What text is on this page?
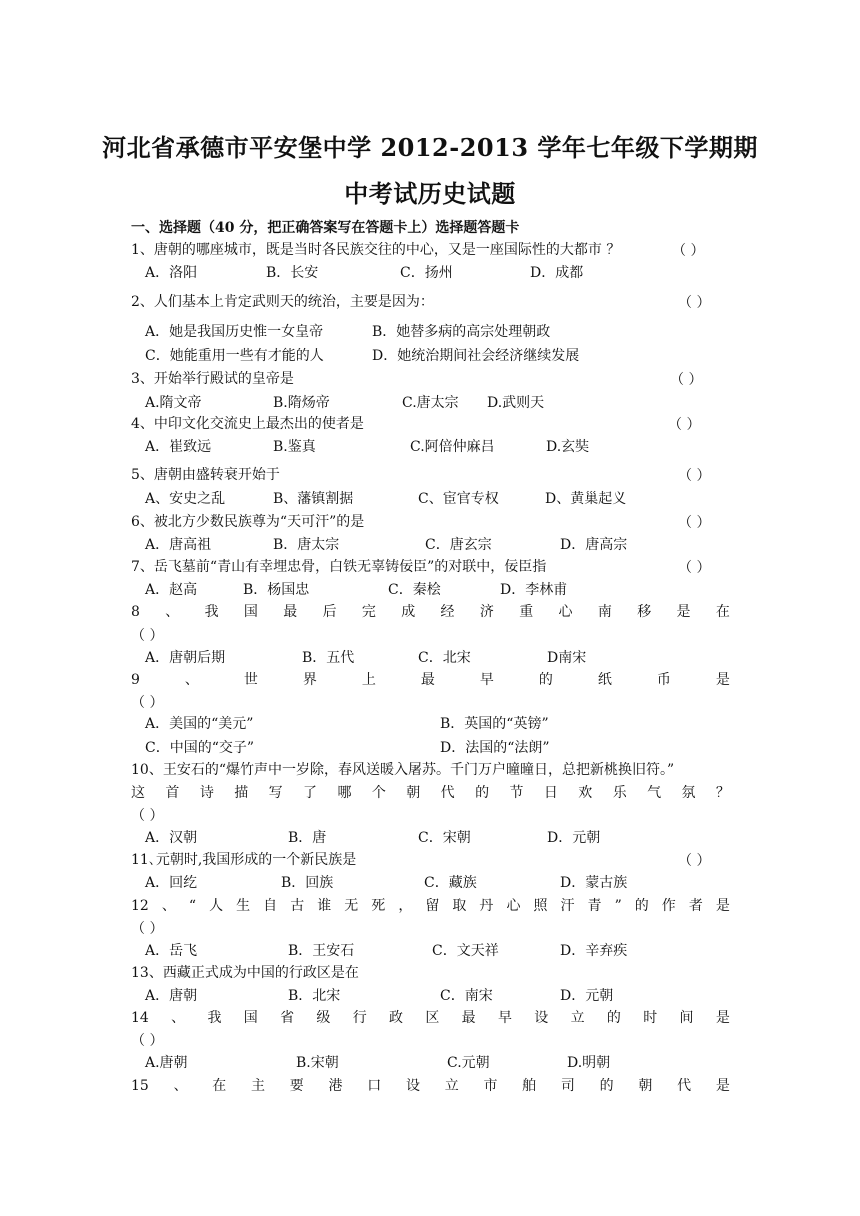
河北省承德市平安堡中学 2012-2013 学年七年级下学期期
中考试历史试题
一、选择题（40 分，把正确答案写在答题卡上）选择题答题卡
1、唐朝的哪座城市，既是当时各民族交往的中心，又是一座国际性的大都市 ？	（ ）
A．洛阳	B．长安	C．扬州	D．成都
2、人们基本上肯定武则天的统治，主要是因为：	（ ）
A．她是我国历史惟一女皇帝	B．她替多病的高宗处理朝政
C．她能重用一些有才能的人	D．她统治期间社会经济继续发展
3、开始举行殿试的皇帝是	（ ）
A.隋文帝	B.隋炀帝	C.唐太宗 D.武则天
4、中印文化交流史上最杰出的使者是	（ ）
A．崔致远	B.鉴真	C.阿倍仲麻吕	D.玄奘
5、唐朝由盛转衰开始于	（ ）
A、安史之乱	B、藩镇割据	C、宦官专权	D、黄巢起义
6、被北方少数民族尊为“天可汗”的是	（ ）
A．唐高祖	B．唐太宗	C．唐玄宗	D．唐高宗
7、岳飞墓前“青山有幸埋忠骨，白铁无辜铸佞臣”的对联中，佞臣指	（ ）
A．赵高	B．杨国忠	C．秦桧	D．李林甫
8 、 我 国 最 后 完 成 经 济 重 心 南 移 是 在
（ ）
A．唐朝后期	B．五代	C．北宋	D南宋
9	、	世	界	上	最	早	的	纸	币	是
（ ）
A．美国的“美元”	B．英国的“英镑”
C．中国的“交子”	D．法国的“法朗”
10、王安石的“爆竹声中一岁除，春风送暖入屠苏。千门万户曈曈日，总把新桃换旧符。”
这 首 诗 描 写 了 哪 个 朝 代 的 节 日 欢 乐 气 氛 ？
（ ）
A．汉朝	B．唐	C．宋朝	D．元朝
11､元朝时,我国形成的一个新民族是	（ ）
A．回纥	B．回族	C．藏族	D．蒙古族
12 、 “ 人 生 自 古 谁 无 死 ， 留 取 丹 心 照 汗 青 ” 的 作 者 是
（ ）
A．岳飞	B．王安石	C．文天祥	D．辛弃疾
13、西藏正式成为中国的行政区是在
A．唐朝	B．北宋	C．南宋	D．元朝
14 、 我 国 省 级 行 政 区 最 早 设 立 的 时 间 是
（ ）
A.唐朝	B.宋朝	C.元朝	D.明朝
15 、 在 主 要 港 口 设 立 市 舶 司 的 朝 代 是
